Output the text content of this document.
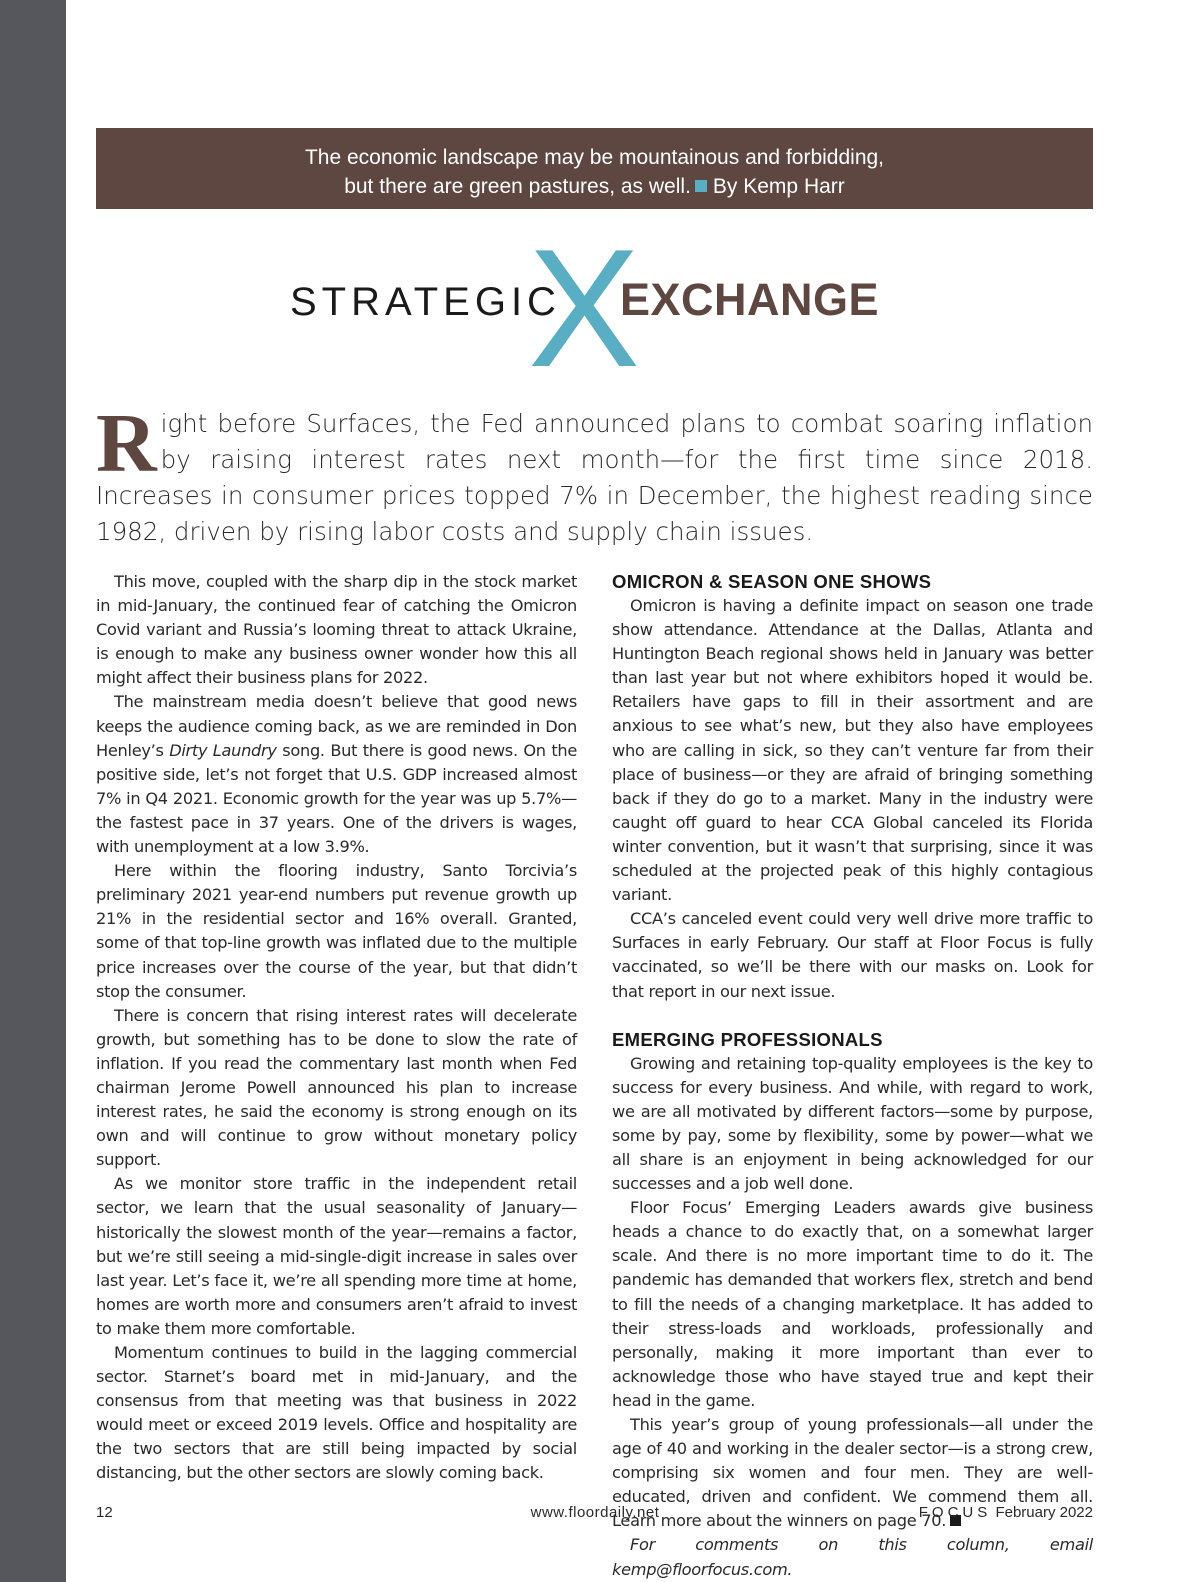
The economic landscape may be mountainous and forbidding,
but there are green pastures, as well. By Kemp Harr
X
STRATEGIC EXCHANGE
Right before Surfaces, the Fed announced plans to combat soaring inflation by raising interest rates next month—for the first time since 2018. Increases in consumer prices topped 7% in December, the highest reading since 1982, driven by rising labor costs and supply chain issues.

This move, coupled with the sharp dip in the stock market in mid-January, the continued fear of catching the Omicron Covid variant and Russia’s looming threat to attack Ukraine, is enough to make any business owner wonder how this all might affect their business plans for 2022.

The mainstream media doesn’t believe that good news keeps the audience coming back, as we are reminded in Don Henley’s Dirty Laundry song. But there is good news. On the positive side, let’s not forget that U.S. GDP increased almost 7% in Q4 2021. Economic growth for the year was up 5.7%—the fastest pace in 37 years. One of the drivers is wages, with unemployment at a low 3.9%.

Here within the flooring industry, Santo Torcivia’s preliminary 2021 year-end numbers put revenue growth up 21% in the residential sector and 16% overall. Granted, some of that top-line growth was inflated due to the multiple price increases over the course of the year, but that didn’t stop the consumer.

There is concern that rising interest rates will decelerate growth, but something has to be done to slow the rate of inflation. If you read the commentary last month when Fed chairman Jerome Powell announced his plan to increase interest rates, he said the economy is strong enough on its own and will continue to grow without monetary policy support.

As we monitor store traffic in the independent retail sector, we learn that the usual seasonality of January—historically the slowest month of the year—remains a factor, but we’re still seeing a mid-single-digit increase in sales over last year. Let’s face it, we’re all spending more time at home, homes are worth more and consumers aren’t afraid to invest to make them more comfortable.

Momentum continues to build in the lagging commercial sector. Starnet’s board met in mid-January, and the consensus from that meeting was that business in 2022 would meet or exceed 2019 levels. Office and hospitality are the two sectors that are still being impacted by social distancing, but the other sectors are slowly coming back.

OMICRON & SEASON ONE SHOWS

Omicron is having a definite impact on season one trade show attendance. Attendance at the Dallas, Atlanta and Huntington Beach regional shows held in January was better than last year but not where exhibitors hoped it would be. Retailers have gaps to fill in their assortment and are anxious to see what’s new, but they also have employees who are calling in sick, so they can’t venture far from their place of business—or they are afraid of bringing something back if they do go to a market. Many in the industry were caught off guard to hear CCA Global canceled its Florida winter convention, but it wasn’t that surprising, since it was scheduled at the projected peak of this highly contagious variant.

CCA’s canceled event could very well drive more traffic to Surfaces in early February. Our staff at Floor Focus is fully vaccinated, so we’ll be there with our masks on. Look for that report in our next issue.

EMERGING PROFESSIONALS

Growing and retaining top-quality employees is the key to success for every business. And while, with regard to work, we are all motivated by different factors—some by purpose, some by pay, some by flexibility, some by power—what we all share is an enjoyment in being acknowledged for our successes and a job well done.

Floor Focus’ Emerging Leaders awards give business heads a chance to do exactly that, on a somewhat larger scale. And there is no more important time to do it. The pandemic has demanded that workers flex, stretch and bend to fill the needs of a changing marketplace. It has added to their stress-loads and workloads, professionally and personally, making it more important than ever to acknowledge those who have stayed true and kept their head in the game.

This year’s group of young professionals—all under the age of 40 and working in the dealer sector—is a strong crew, comprising six women and four men. They are well-educated, driven and confident. We commend them all. Learn more about the winners on page 70.

For comments on this column, email kemp@floorfocus.com.

12	www.floordaily.net	FOCUS February 2022
